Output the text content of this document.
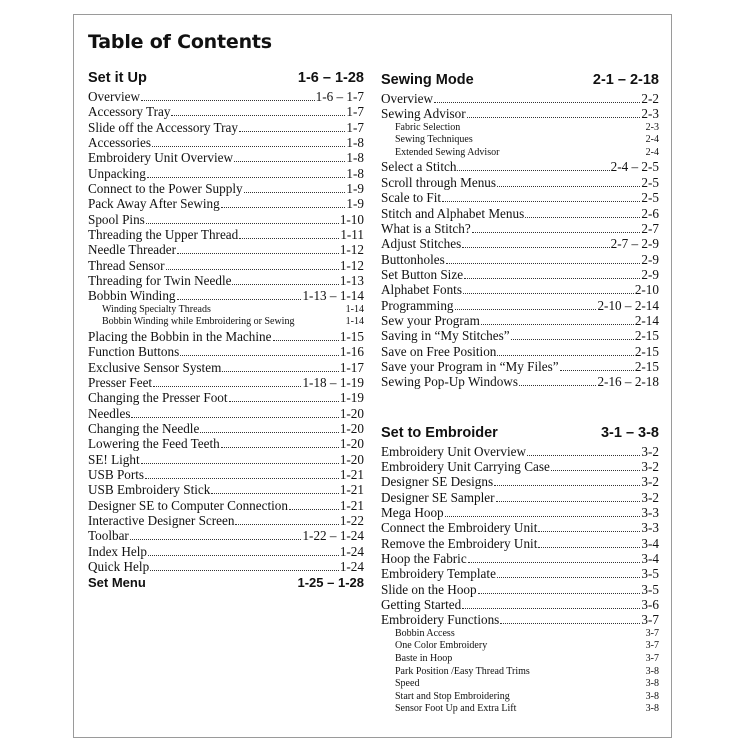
Table of Contents
Set it Up	1-6 – 1-28
Overview	1-6 – 1-7
Accessory Tray	1-7
Slide off the Accessory Tray	1-7
Accessories	1-8
Embroidery Unit Overview	1-8
Unpacking	1-8
Connect to the Power Supply	1-9
Pack Away After Sewing	1-9
Spool Pins	1-10
Threading the Upper Thread	1-11
Needle Threader	1-12
Thread Sensor	1-12
Threading for Twin Needle	1-13
Bobbin Winding	1-13 – 1-14
Winding Specialty Threads	1-14
Bobbin Winding while Embroidering or Sewing	1-14
Placing the Bobbin in the Machine	1-15
Function Buttons	1-16
Exclusive Sensor System	1-17
Presser Feet	1-18 – 1-19
Changing the Presser Foot	1-19
Needles	1-20
Changing the Needle	1-20
Lowering the Feed Teeth	1-20
SE! Light	1-20
USB Ports	1-21
USB Embroidery Stick	1-21
Designer SE to Computer Connection	1-21
Interactive Designer Screen	1-22
Toolbar	1-22 – 1-24
Index Help	1-24
Quick Help	1-24
Set Menu	1-25 – 1-28
Sewing Mode	2-1 – 2-18
Overview	2-2
Sewing Advisor	2-3
Fabric Selection	2-3
Sewing Techniques	2-4
Extended Sewing Advisor	2-4
Select a Stitch	2-4 – 2-5
Scroll through Menus	2-5
Scale to Fit	2-5
Stitch and Alphabet Menus	2-6
What is a Stitch?	2-7
Adjust Stitches	2-7 – 2-9
Buttonholes	2-9
Set Button Size	2-9
Alphabet Fonts	2-10
Programming	2-10 – 2-14
Sew your Program	2-14
Saving in “My Stitches”	2-15
Save on Free Position	2-15
Save your Program in “My Files”	2-15
Sewing Pop-Up Windows	2-16 – 2-18
Set to Embroider	3-1 – 3-8
Embroidery Unit Overview	3-2
Embroidery Unit Carrying Case	3-2
Designer SE Designs	3-2
Designer SE Sampler	3-2
Mega Hoop	3-3
Connect the Embroidery Unit	3-3
Remove the Embroidery Unit	3-4
Hoop the Fabric	3-4
Embroidery Template	3-5
Slide on the Hoop	3-5
Getting Started	3-6
Embroidery Functions	3-7
Bobbin Access	3-7
One Color Embroidery	3-7
Baste in Hoop	3-7
Park Position /Easy Thread Trims	3-8
Speed	3-8
Start and Stop Embroidering	3-8
Sensor Foot Up and Extra Lift	3-8
